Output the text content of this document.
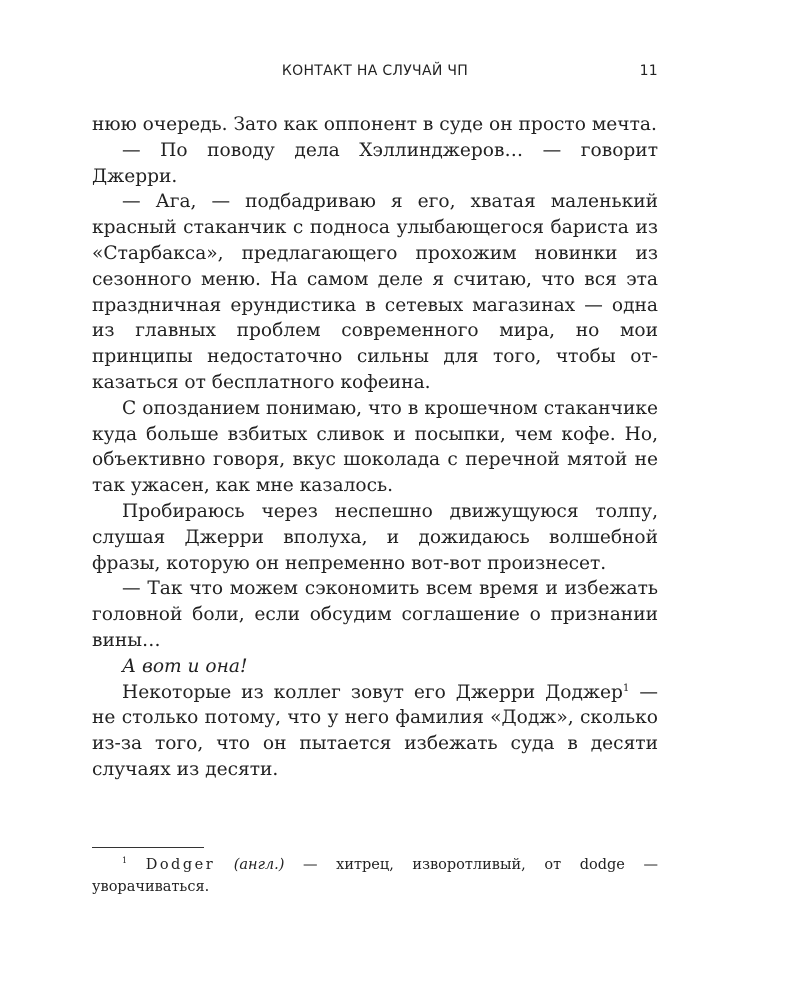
КОНТАКТ НА СЛУЧАЙ ЧП	11

нюю очередь. Зато как оппонент в суде он просто мечта.

— По поводу дела Хэллинджеров… — говорит Джерри.

— Ага, — подбадриваю я его, хватая маленький красный стаканчик с подноса улыбающегося бариста из «Старбакса», предлагающего прохожим новинки из сезонного меню. На самом деле я считаю, что вся эта праздничная ерундистика в сетевых магазинах — одна из главных проблем современного мира, но мои принципы недостаточно сильны для того, чтобы отказаться от бесплатного кофеина.

С опозданием понимаю, что в крошечном стаканчике куда больше взбитых сливок и посыпки, чем кофе. Но, объективно говоря, вкус шоколада с перечной мятой не так ужасен, как мне казалось.

Пробираюсь через неспешно движущуюся толпу, слушая Джерри вполуха, и дожидаюсь волшебной фразы, которую он непременно вот-вот произнесет.

— Так что можем сэкономить всем время и избежать головной боли, если обсудим соглашение о признании вины…

А вот и она!

Некоторые из коллег зовут его Джерри Доджер$^1$ — не столько потому, что у него фамилия «Додж», сколько из-за того, что он пытается избежать суда в десяти случаях из десяти.

$^1$ Dodger (англ.) — хитрец, изворотливый, от dodge — уворачиваться.
